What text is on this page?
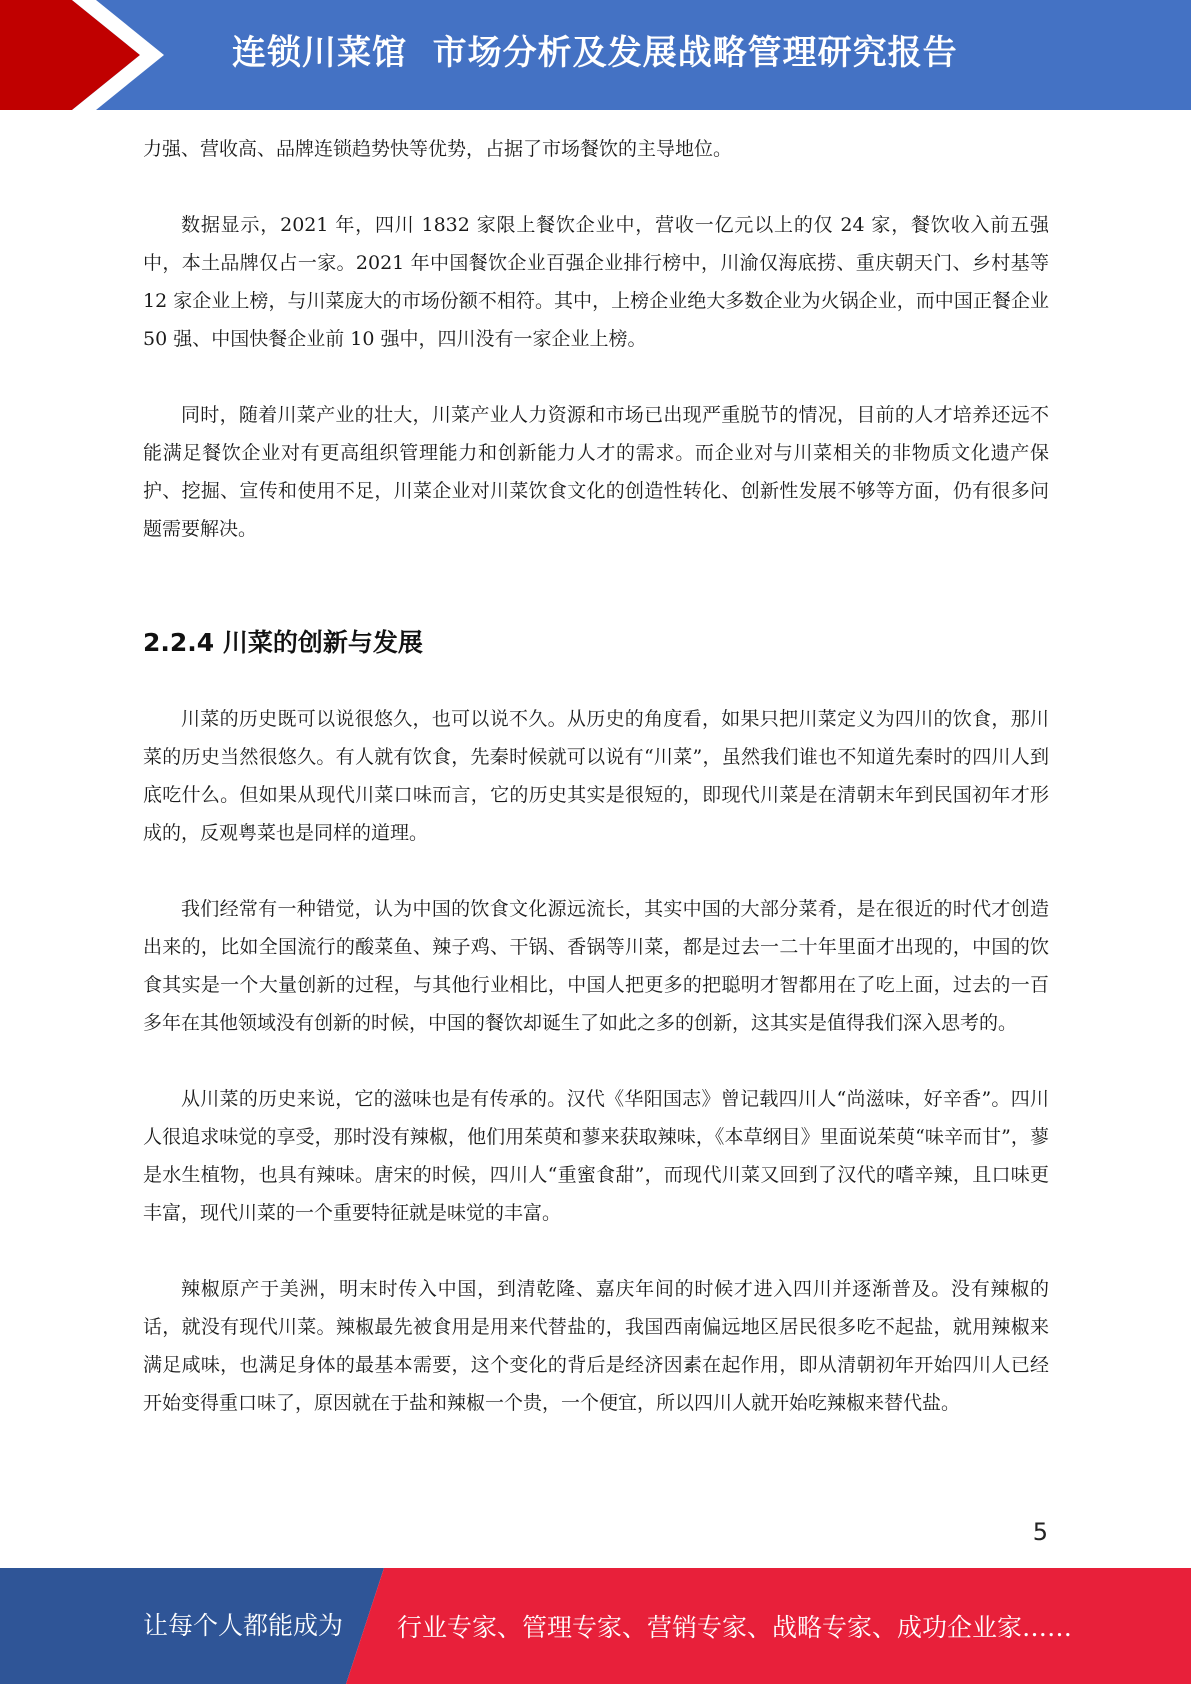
连锁川菜馆  市场分析及发展战略管理研究报告

力强、营收高、品牌连锁趋势快等优势，占据了市场餐饮的主导地位。

数据显示，2021 年，四川 1832 家限上餐饮企业中，营收一亿元以上的仅 24 家，餐饮收入前五强中，本土品牌仅占一家。2021 年中国餐饮企业百强企业排行榜中，川渝仅海底捞、重庆朝天门、乡村基等 12 家企业上榜，与川菜庞大的市场份额不相符。其中，上榜企业绝大多数企业为火锅企业，而中国正餐企业 50 强、中国快餐企业前 10 强中，四川没有一家企业上榜。

同时，随着川菜产业的壮大，川菜产业人力资源和市场已出现严重脱节的情况，目前的人才培养还远不能满足餐饮企业对有更高组织管理能力和创新能力人才的需求。而企业对与川菜相关的非物质文化遗产保护、挖掘、宣传和使用不足，川菜企业对川菜饮食文化的创造性转化、创新性发展不够等方面，仍有很多问题需要解决。

2.2.4 川菜的创新与发展

川菜的历史既可以说很悠久，也可以说不久。从历史的角度看，如果只把川菜定义为四川的饮食，那川菜的历史当然很悠久。有人就有饮食，先秦时候就可以说有“川菜”，虽然我们谁也不知道先秦时的四川人到底吃什么。但如果从现代川菜口味而言，它的历史其实是很短的，即现代川菜是在清朝末年到民国初年才形成的，反观粤菜也是同样的道理。

我们经常有一种错觉，认为中国的饮食文化源远流长，其实中国的大部分菜肴，是在很近的时代才创造出来的，比如全国流行的酸菜鱼、辣子鸡、干锅、香锅等川菜，都是过去一二十年里面才出现的，中国的饮食其实是一个大量创新的过程，与其他行业相比，中国人把更多的把聪明才智都用在了吃上面，过去的一百多年在其他领域没有创新的时候，中国的餐饮却诞生了如此之多的创新，这其实是值得我们深入思考的。

从川菜的历史来说，它的滋味也是有传承的。汉代《华阳国志》曾记载四川人“尚滋味，好辛香”。四川人很追求味觉的享受，那时没有辣椒，他们用茱萸和蓼来获取辣味，《本草纲目》里面说茱萸“味辛而甘”，蓼是水生植物，也具有辣味。唐宋的时候，四川人“重蜜食甜”，而现代川菜又回到了汉代的嗜辛辣，且口味更丰富，现代川菜的一个重要特征就是味觉的丰富。

辣椒原产于美洲，明末时传入中国，到清乾隆、嘉庆年间的时候才进入四川并逐渐普及。没有辣椒的话，就没有现代川菜。辣椒最先被食用是用来代替盐的，我国西南偏远地区居民很多吃不起盐，就用辣椒来满足咸味，也满足身体的最基本需要，这个变化的背后是经济因素在起作用，即从清朝初年开始四川人已经开始变得重口味了，原因就在于盐和辣椒一个贵，一个便宜，所以四川人就开始吃辣椒来替代盐。

5
让每个人都能成为 行业专家、管理专家、营销专家、战略专家、成功企业家……
